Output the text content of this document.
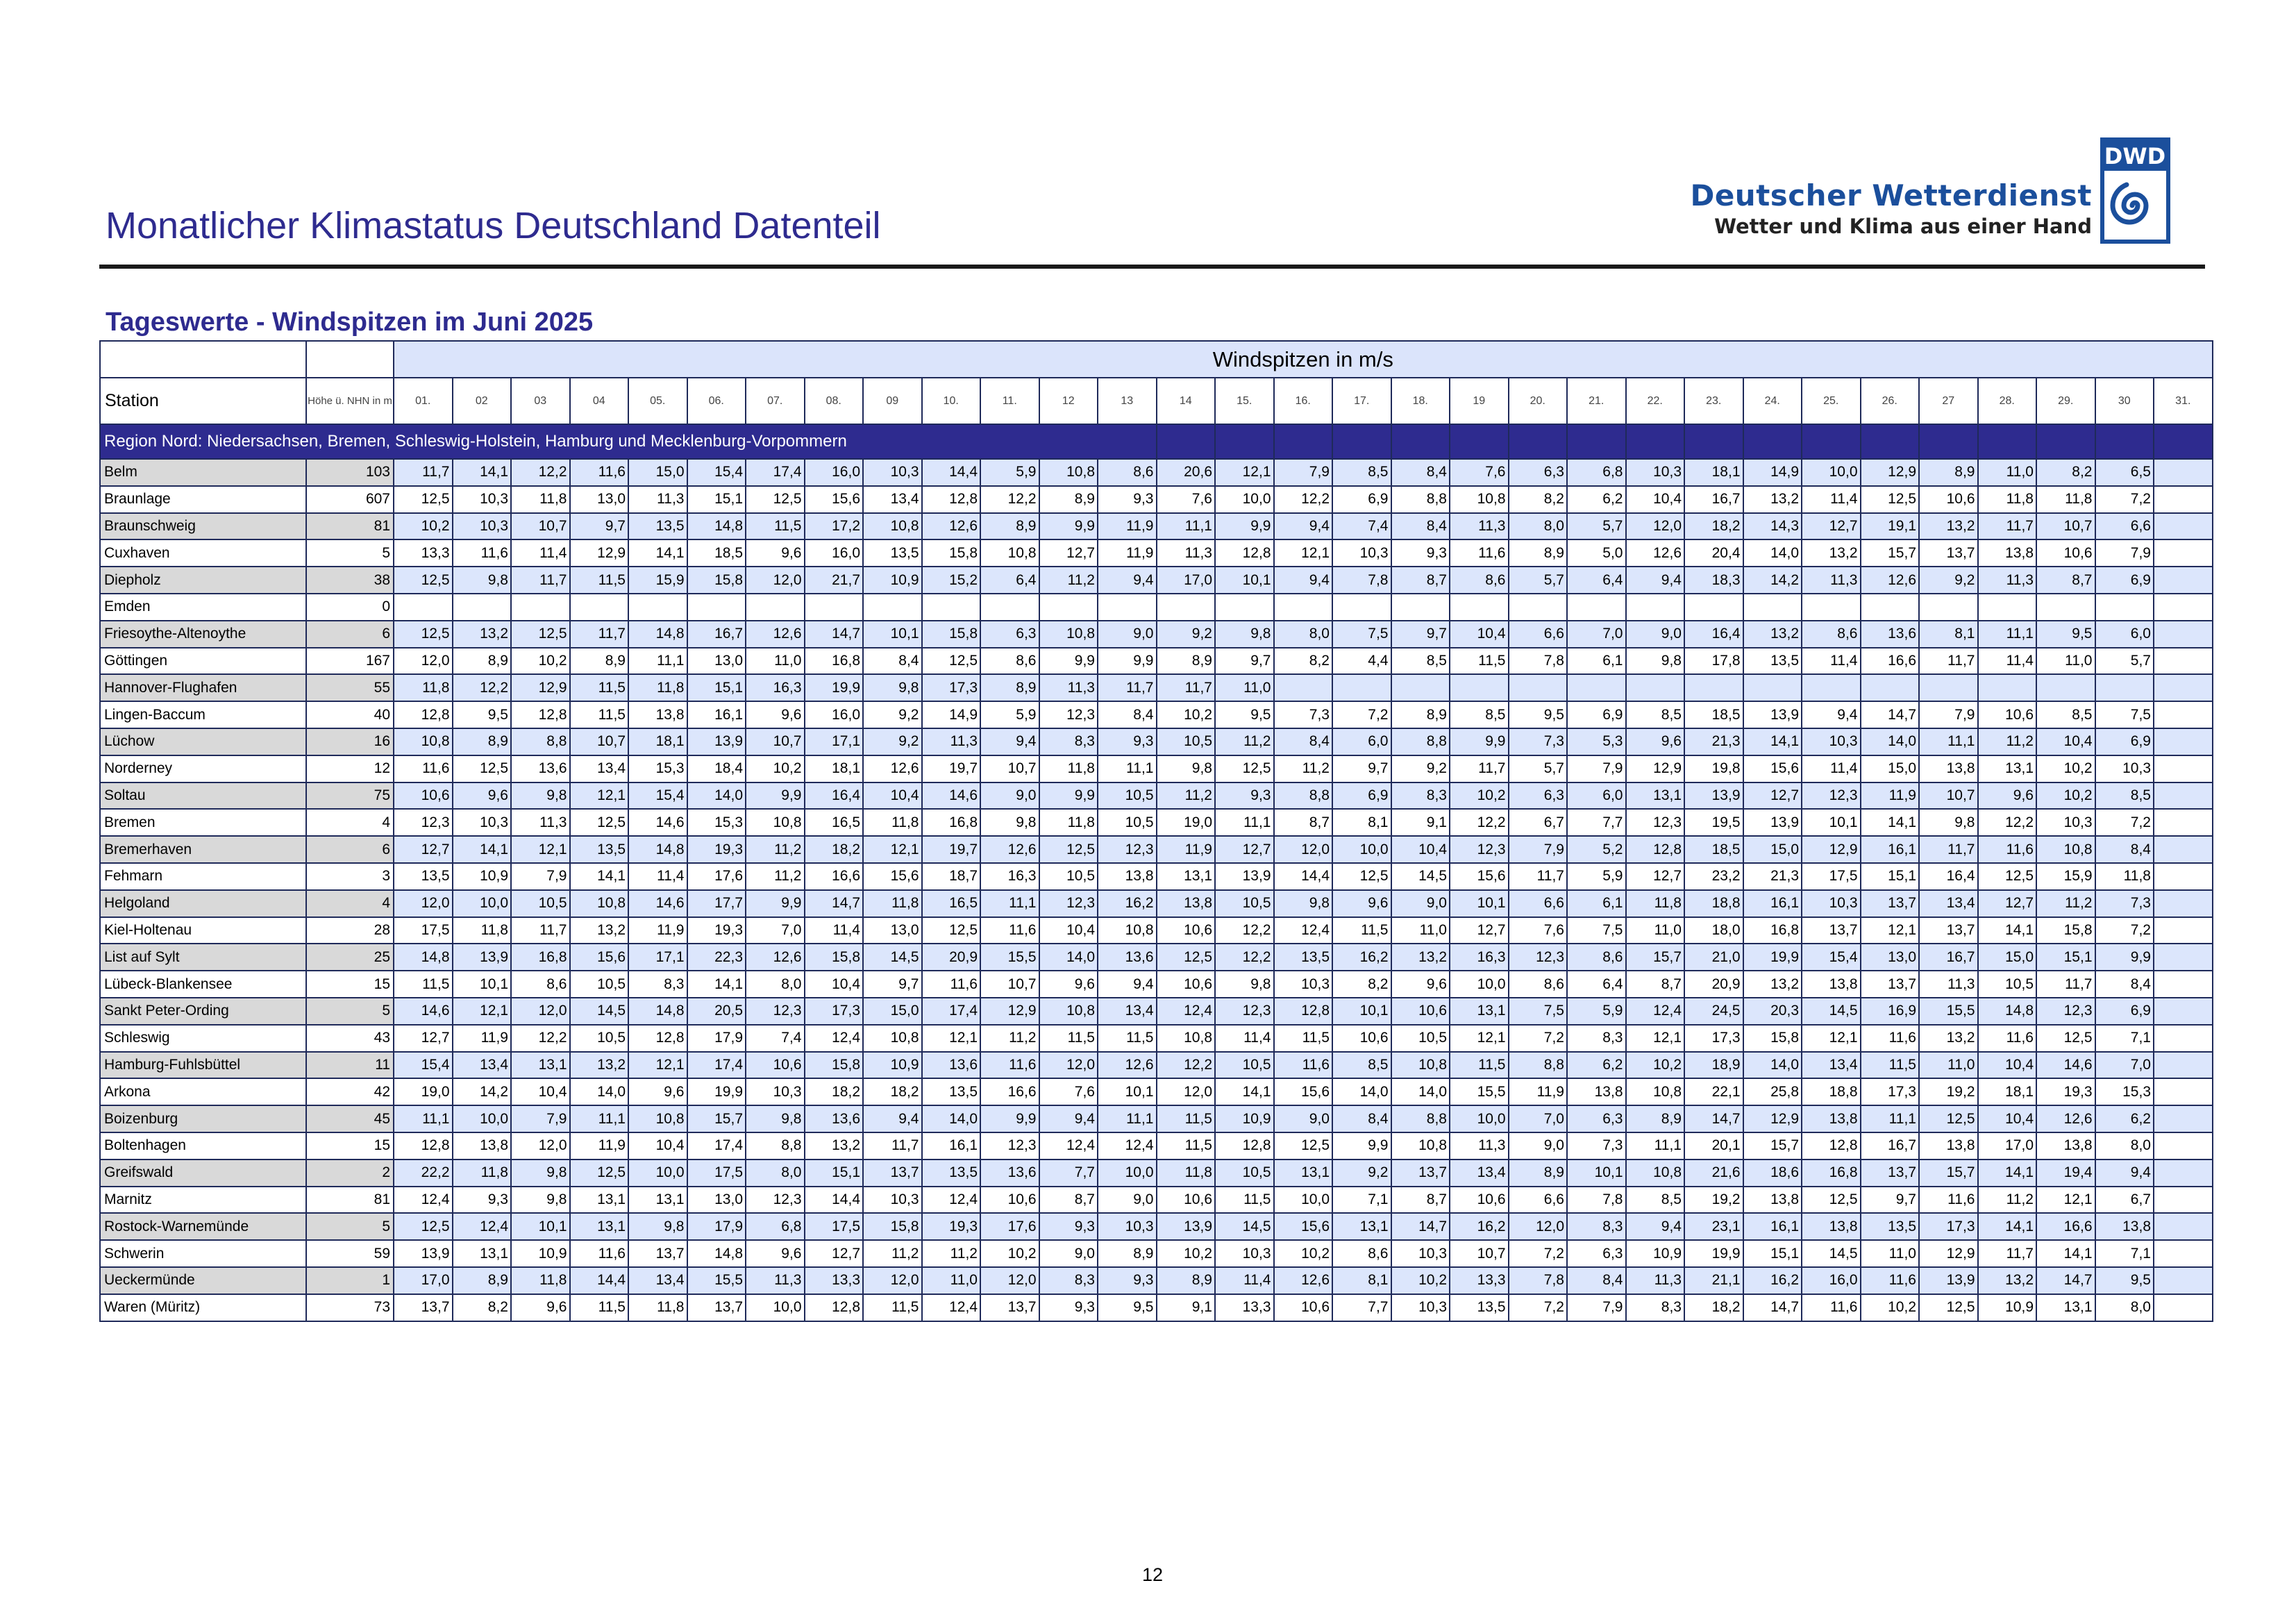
Monatlicher Klimastatus Deutschland Datenteil
Deutscher Wetterdienst
Wetter und Klima aus einer Hand
DWD
Tageswerte - Windspitzen im Juni 2025
		Windspitzen in m/s																														
Station	Höhe ü. NHN in m	01.	02	03	04	05.	06.	07.	08.	09	10.	11.	12	13	14	15.	16.	17.	18.	19	20.	21.	22.	23.	24.	25.	26.	27	28.	29.	30	31.
Region Nord: Niedersachsen, Bremen, Schleswig-Holstein, Hamburg und Mecklenburg-Vorpommern																																
Belm	103	11,7	14,1	12,2	11,6	15,0	15,4	17,4	16,0	10,3	14,4	5,9	10,8	8,6	20,6	12,1	7,9	8,5	8,4	7,6	6,3	6,8	10,3	18,1	14,9	10,0	12,9	8,9	11,0	8,2	6,5	
Braunlage	607	12,5	10,3	11,8	13,0	11,3	15,1	12,5	15,6	13,4	12,8	12,2	8,9	9,3	7,6	10,0	12,2	6,9	8,8	10,8	8,2	6,2	10,4	16,7	13,2	11,4	12,5	10,6	11,8	11,8	7,2	
Braunschweig	81	10,2	10,3	10,7	9,7	13,5	14,8	11,5	17,2	10,8	12,6	8,9	9,9	11,9	11,1	9,9	9,4	7,4	8,4	11,3	8,0	5,7	12,0	18,2	14,3	12,7	19,1	13,2	11,7	10,7	6,6	
Cuxhaven	5	13,3	11,6	11,4	12,9	14,1	18,5	9,6	16,0	13,5	15,8	10,8	12,7	11,9	11,3	12,8	12,1	10,3	9,3	11,6	8,9	5,0	12,6	20,4	14,0	13,2	15,7	13,7	13,8	10,6	7,9	
Diepholz	38	12,5	9,8	11,7	11,5	15,9	15,8	12,0	21,7	10,9	15,2	6,4	11,2	9,4	17,0	10,1	9,4	7,8	8,7	8,6	5,7	6,4	9,4	18,3	14,2	11,3	12,6	9,2	11,3	8,7	6,9	
Emden	0																															
Friesoythe-Altenoythe	6	12,5	13,2	12,5	11,7	14,8	16,7	12,6	14,7	10,1	15,8	6,3	10,8	9,0	9,2	9,8	8,0	7,5	9,7	10,4	6,6	7,0	9,0	16,4	13,2	8,6	13,6	8,1	11,1	9,5	6,0	
Göttingen	167	12,0	8,9	10,2	8,9	11,1	13,0	11,0	16,8	8,4	12,5	8,6	9,9	9,9	8,9	9,7	8,2	4,4	8,5	11,5	7,8	6,1	9,8	17,8	13,5	11,4	16,6	11,7	11,4	11,0	5,7	
Hannover-Flughafen	55	11,8	12,2	12,9	11,5	11,8	15,1	16,3	19,9	9,8	17,3	8,9	11,3	11,7	11,7	11,0																
Lingen-Baccum	40	12,8	9,5	12,8	11,5	13,8	16,1	9,6	16,0	9,2	14,9	5,9	12,3	8,4	10,2	9,5	7,3	7,2	8,9	8,5	9,5	6,9	8,5	18,5	13,9	9,4	14,7	7,9	10,6	8,5	7,5	
Lüchow	16	10,8	8,9	8,8	10,7	18,1	13,9	10,7	17,1	9,2	11,3	9,4	8,3	9,3	10,5	11,2	8,4	6,0	8,8	9,9	7,3	5,3	9,6	21,3	14,1	10,3	14,0	11,1	11,2	10,4	6,9	
Norderney	12	11,6	12,5	13,6	13,4	15,3	18,4	10,2	18,1	12,6	19,7	10,7	11,8	11,1	9,8	12,5	11,2	9,7	9,2	11,7	5,7	7,9	12,9	19,8	15,6	11,4	15,0	13,8	13,1	10,2	10,3	
Soltau	75	10,6	9,6	9,8	12,1	15,4	14,0	9,9	16,4	10,4	14,6	9,0	9,9	10,5	11,2	9,3	8,8	6,9	8,3	10,2	6,3	6,0	13,1	13,9	12,7	12,3	11,9	10,7	9,6	10,2	8,5	
Bremen	4	12,3	10,3	11,3	12,5	14,6	15,3	10,8	16,5	11,8	16,8	9,8	11,8	10,5	19,0	11,1	8,7	8,1	9,1	12,2	6,7	7,7	12,3	19,5	13,9	10,1	14,1	9,8	12,2	10,3	7,2	
Bremerhaven	6	12,7	14,1	12,1	13,5	14,8	19,3	11,2	18,2	12,1	19,7	12,6	12,5	12,3	11,9	12,7	12,0	10,0	10,4	12,3	7,9	5,2	12,8	18,5	15,0	12,9	16,1	11,7	11,6	10,8	8,4	
Fehmarn	3	13,5	10,9	7,9	14,1	11,4	17,6	11,2	16,6	15,6	18,7	16,3	10,5	13,8	13,1	13,9	14,4	12,5	14,5	15,6	11,7	5,9	12,7	23,2	21,3	17,5	15,1	16,4	12,5	15,9	11,8	
Helgoland	4	12,0	10,0	10,5	10,8	14,6	17,7	9,9	14,7	11,8	16,5	11,1	12,3	16,2	13,8	10,5	9,8	9,6	9,0	10,1	6,6	6,1	11,8	18,8	16,1	10,3	13,7	13,4	12,7	11,2	7,3	
Kiel-Holtenau	28	17,5	11,8	11,7	13,2	11,9	19,3	7,0	11,4	13,0	12,5	11,6	10,4	10,8	10,6	12,2	12,4	11,5	11,0	12,7	7,6	7,5	11,0	18,0	16,8	13,7	12,1	13,7	14,1	15,8	7,2	
List auf Sylt	25	14,8	13,9	16,8	15,6	17,1	22,3	12,6	15,8	14,5	20,9	15,5	14,0	13,6	12,5	12,2	13,5	16,2	13,2	16,3	12,3	8,6	15,7	21,0	19,9	15,4	13,0	16,7	15,0	15,1	9,9	
Lübeck-Blankensee	15	11,5	10,1	8,6	10,5	8,3	14,1	8,0	10,4	9,7	11,6	10,7	9,6	9,4	10,6	9,8	10,3	8,2	9,6	10,0	8,6	6,4	8,7	20,9	13,2	13,8	13,7	11,3	10,5	11,7	8,4	
Sankt Peter-Ording	5	14,6	12,1	12,0	14,5	14,8	20,5	12,3	17,3	15,0	17,4	12,9	10,8	13,4	12,4	12,3	12,8	10,1	10,6	13,1	7,5	5,9	12,4	24,5	20,3	14,5	16,9	15,5	14,8	12,3	6,9	
Schleswig	43	12,7	11,9	12,2	10,5	12,8	17,9	7,4	12,4	10,8	12,1	11,2	11,5	11,5	10,8	11,4	11,5	10,6	10,5	12,1	7,2	8,3	12,1	17,3	15,8	12,1	11,6	13,2	11,6	12,5	7,1	
Hamburg-Fuhlsbüttel	11	15,4	13,4	13,1	13,2	12,1	17,4	10,6	15,8	10,9	13,6	11,6	12,0	12,6	12,2	10,5	11,6	8,5	10,8	11,5	8,8	6,2	10,2	18,9	14,0	13,4	11,5	11,0	10,4	14,6	7,0	
Arkona	42	19,0	14,2	10,4	14,0	9,6	19,9	10,3	18,2	18,2	13,5	16,6	7,6	10,1	12,0	14,1	15,6	14,0	14,0	15,5	11,9	13,8	10,8	22,1	25,8	18,8	17,3	19,2	18,1	19,3	15,3	
Boizenburg	45	11,1	10,0	7,9	11,1	10,8	15,7	9,8	13,6	9,4	14,0	9,9	9,4	11,1	11,5	10,9	9,0	8,4	8,8	10,0	7,0	6,3	8,9	14,7	12,9	13,8	11,1	12,5	10,4	12,6	6,2	
Boltenhagen	15	12,8	13,8	12,0	11,9	10,4	17,4	8,8	13,2	11,7	16,1	12,3	12,4	12,4	11,5	12,8	12,5	9,9	10,8	11,3	9,0	7,3	11,1	20,1	15,7	12,8	16,7	13,8	17,0	13,8	8,0	
Greifswald	2	22,2	11,8	9,8	12,5	10,0	17,5	8,0	15,1	13,7	13,5	13,6	7,7	10,0	11,8	10,5	13,1	9,2	13,7	13,4	8,9	10,1	10,8	21,6	18,6	16,8	13,7	15,7	14,1	19,4	9,4	
Marnitz	81	12,4	9,3	9,8	13,1	13,1	13,0	12,3	14,4	10,3	12,4	10,6	8,7	9,0	10,6	11,5	10,0	7,1	8,7	10,6	6,6	7,8	8,5	19,2	13,8	12,5	9,7	11,6	11,2	12,1	6,7	
Rostock-Warnemünde	5	12,5	12,4	10,1	13,1	9,8	17,9	6,8	17,5	15,8	19,3	17,6	9,3	10,3	13,9	14,5	15,6	13,1	14,7	16,2	12,0	8,3	9,4	23,1	16,1	13,8	13,5	17,3	14,1	16,6	13,8	
Schwerin	59	13,9	13,1	10,9	11,6	13,7	14,8	9,6	12,7	11,2	11,2	10,2	9,0	8,9	10,2	10,3	10,2	8,6	10,3	10,7	7,2	6,3	10,9	19,9	15,1	14,5	11,0	12,9	11,7	14,1	7,1	
Ueckermünde	1	17,0	8,9	11,8	14,4	13,4	15,5	11,3	13,3	12,0	11,0	12,0	8,3	9,3	8,9	11,4	12,6	8,1	10,2	13,3	7,8	8,4	11,3	21,1	16,2	16,0	11,6	13,9	13,2	14,7	9,5	
Waren (Müritz)	73	13,7	8,2	9,6	11,5	11,8	13,7	10,0	12,8	11,5	12,4	13,7	9,3	9,5	9,1	13,3	10,6	7,7	10,3	13,5	7,2	7,9	8,3	18,2	14,7	11,6	10,2	12,5	10,9	13,1	8,0	
12
